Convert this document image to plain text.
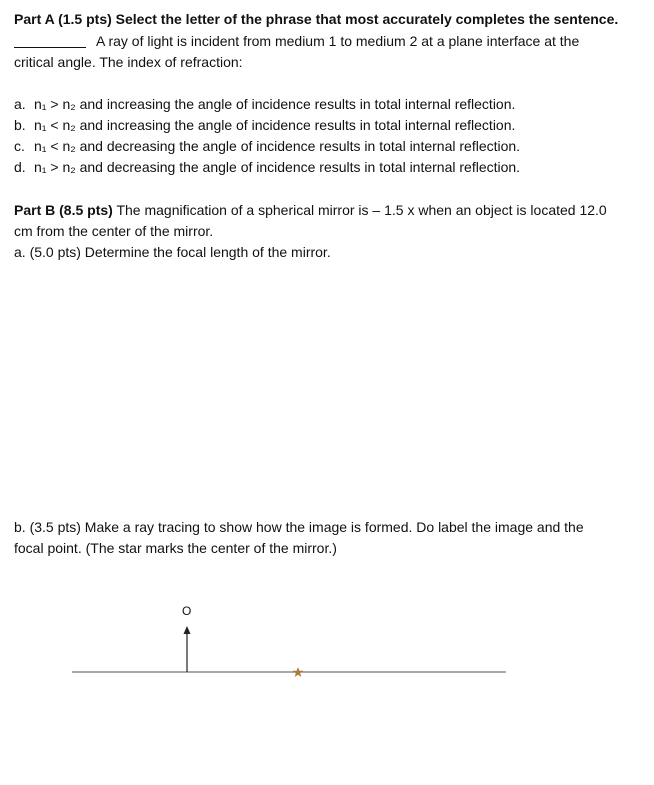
Part A (1.5 pts) Select the letter of the phrase that most accurately completes the sentence.
A ray of light is incident from medium 1 to medium 2 at a plane interface at the
critical angle. The index of refraction:
a. n₁ > n₂ and increasing the angle of incidence results in total internal reflection.
b. n₁ < n₂ and increasing the angle of incidence results in total internal reflection.
c. n₁ < n₂ and decreasing the angle of incidence results in total internal reflection.
d. n₁ > n₂ and decreasing the angle of incidence results in total internal reflection.
Part B (8.5 pts) The magnification of a spherical mirror is – 1.5 x when an object is located 12.0
cm from the center of the mirror.
a. (5.0 pts) Determine the focal length of the mirror.
b. (3.5 pts) Make a ray tracing to show how the image is formed. Do label the image and the
focal point. (The star marks the center of the mirror.)
O
